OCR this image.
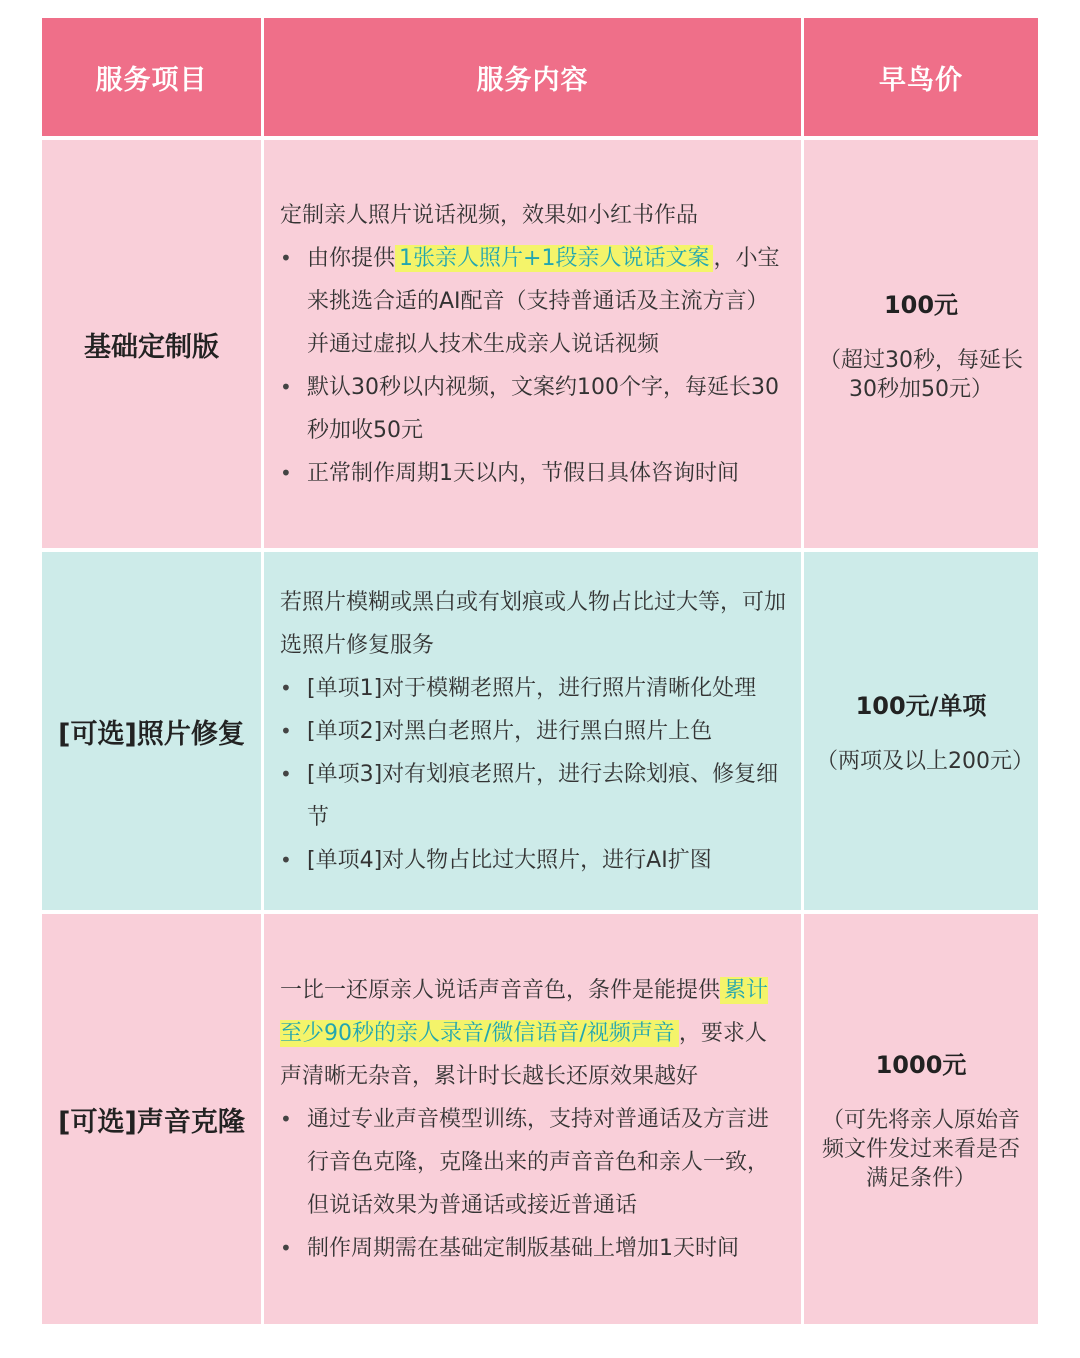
服务项目	服务内容	早鸟价
基础定制版

定制亲人照片说话视频，效果如小红书作品

• 由你提供 1张亲人照片+1段亲人说话文案 ，小宝来挑选合适的AI配音（支持普通话及主流方言）并通过虚拟人技术生成亲人说话视频
• 默认30秒以内视频，文案约100个字，每延长30秒加收50元
• 正常制作周期1天以内，节假日具体咨询时间
100元
（超过30秒，每延长30秒加50元）
[可选]照片修复

若照片模糊或黑白或有划痕或人物占比过大等，可加选照片修复服务

• [单项1]对于模糊老照片，进行照片清晰化处理
• [单项2]对黑白老照片，进行黑白照片上色
• [单项3]对有划痕老照片，进行去除划痕、修复细节
• [单项4]对人物占比过大照片，进行AI扩图
100元/单项
（两项及以上200元）
[可选]声音克隆

一比一还原亲人说话声音音色，条件是能提供 累计至少90秒的亲人录音/微信语音/视频声音 ，要求人声清晰无杂音，累计时长越长还原效果越好

• 通过专业声音模型训练，支持对普通话及方言进行音色克隆，克隆出来的声音音色和亲人一致，但说话效果为普通话或接近普通话
• 制作周期需在基础定制版基础上增加1天时间
1000元
（可先将亲人原始音频文件发过来看是否满足条件）
